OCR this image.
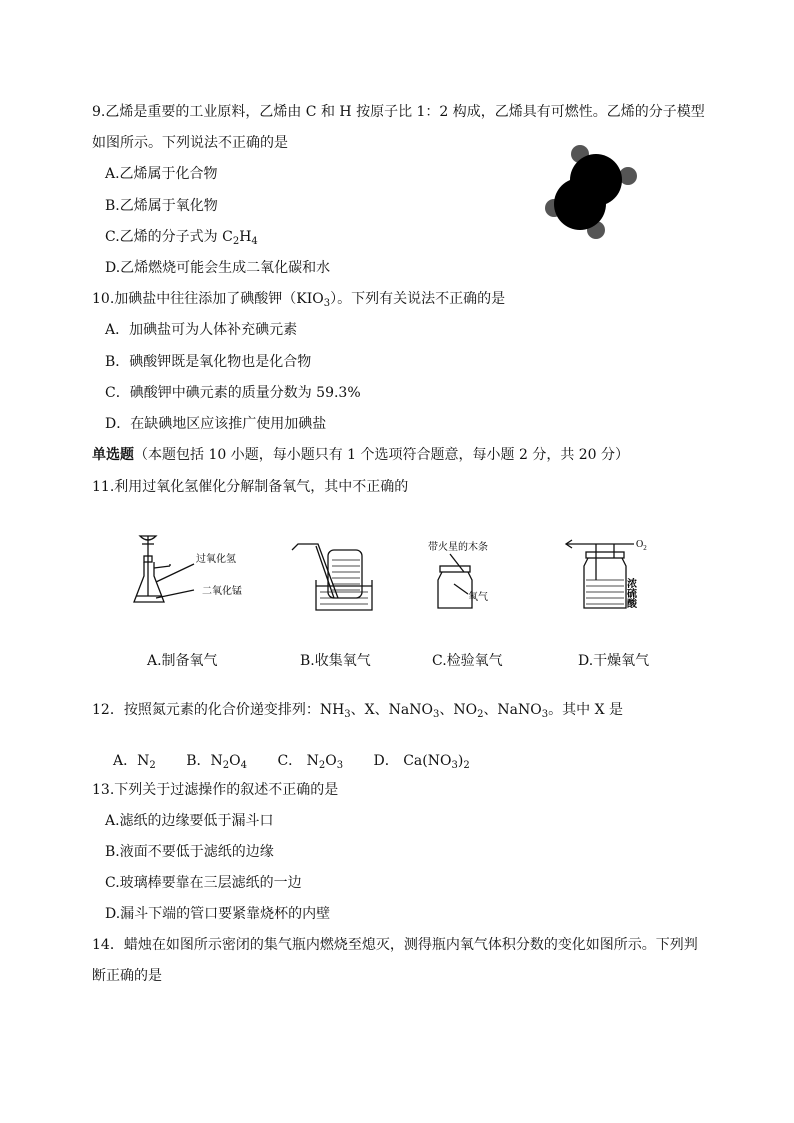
9.乙烯是重要的工业原料，乙烯由 C 和 H 按原子比 1：2 构成，乙烯具有可燃性。乙烯的分子模型
如图所示。下列说法不正确的是
A.乙烯属于化合物
B.乙烯属于氧化物
C.乙烯的分子式为 $C_2H_4$
D.乙烯燃烧可能会生成二氧化碳和水
10.加碘盐中往往添加了碘酸钾$(KIO_3)$。下列有关说法不正确的是
A．加碘盐可为人体补充碘元素
B．碘酸钾既是氧化物也是化合物
C．碘酸钾中碘元素的质量分数为 59.3%
D．在缺碘地区应该推广使用加碘盐
单选题（本题包括 10 小题，每小题只有 1 个选项符合题意，每小题 2 分，共 20 分）
11.利用过氧化氢催化分解制备氧气，其中不正确的
过氧化氢
二氧化锰
带火星的木条
氧气
$O_2$
浓硫酸
A.制备氧气	B.收集氧气	C.检验氧气	D.干燥氧气
12．按照氮元素的化合价递变排列：$NH_3$、X、NaNO$_3$、$NO_2$、NaNO$_3$。其中 X 是
A．$N_2$ B．$N_2O_4$ C． $N_2O_3$ D． $Ca(NO_3)_2$
13.下列关于过滤操作的叙述不正确的是
A.滤纸的边缘要低于漏斗口
B.液面不要低于滤纸的边缘
C.玻璃棒要靠在三层滤纸的一边
D.漏斗下端的管口要紧靠烧杯的内壁
14．蜡烛在如图所示密闭的集气瓶内燃烧至熄灭，测得瓶内氧气体积分数的变化如图所示。下列判
断正确的是
